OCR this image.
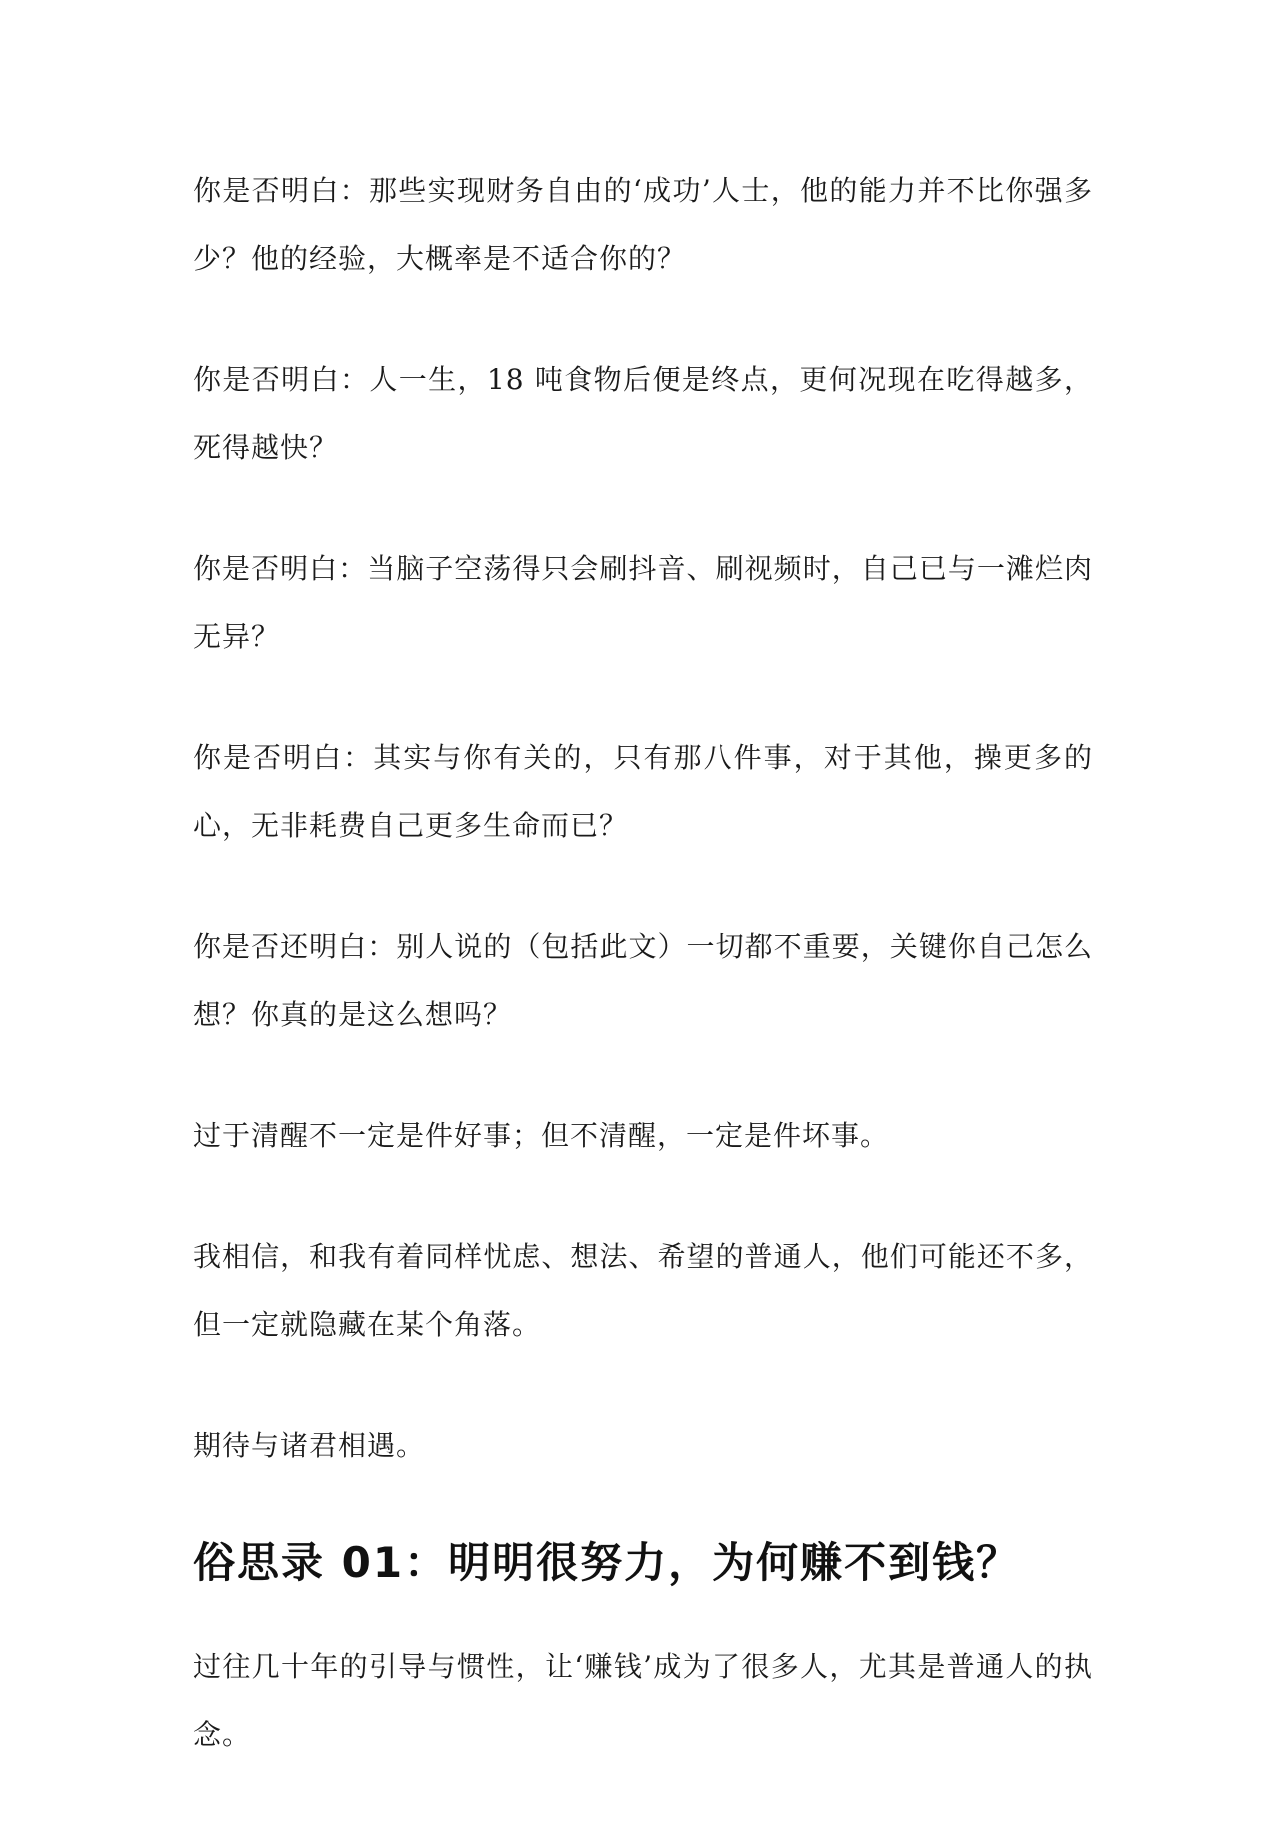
你是否明白：那些实现财务自由的‘成功’人士，他的能力并不比你强多少？他的经验，大概率是不适合你的？

你是否明白：人一生，18 吨食物后便是终点，更何况现在吃得越多，死得越快？

你是否明白：当脑子空荡得只会刷抖音、刷视频时，自己已与一滩烂肉无异？

你是否明白：其实与你有关的，只有那八件事，对于其他，操更多的心，无非耗费自己更多生命而已？

你是否还明白：别人说的（包括此文）一切都不重要，关键你自己怎么想？你真的是这么想吗？

过于清醒不一定是件好事；但不清醒，一定是件坏事。

我相信，和我有着同样忧虑、想法、希望的普通人，他们可能还不多，但一定就隐藏在某个角落。

期待与诸君相遇。

俗思录 01：明明很努力，为何赚不到钱？

过往几十年的引导与惯性，让‘赚钱’成为了很多人，尤其是普通人的执念。
